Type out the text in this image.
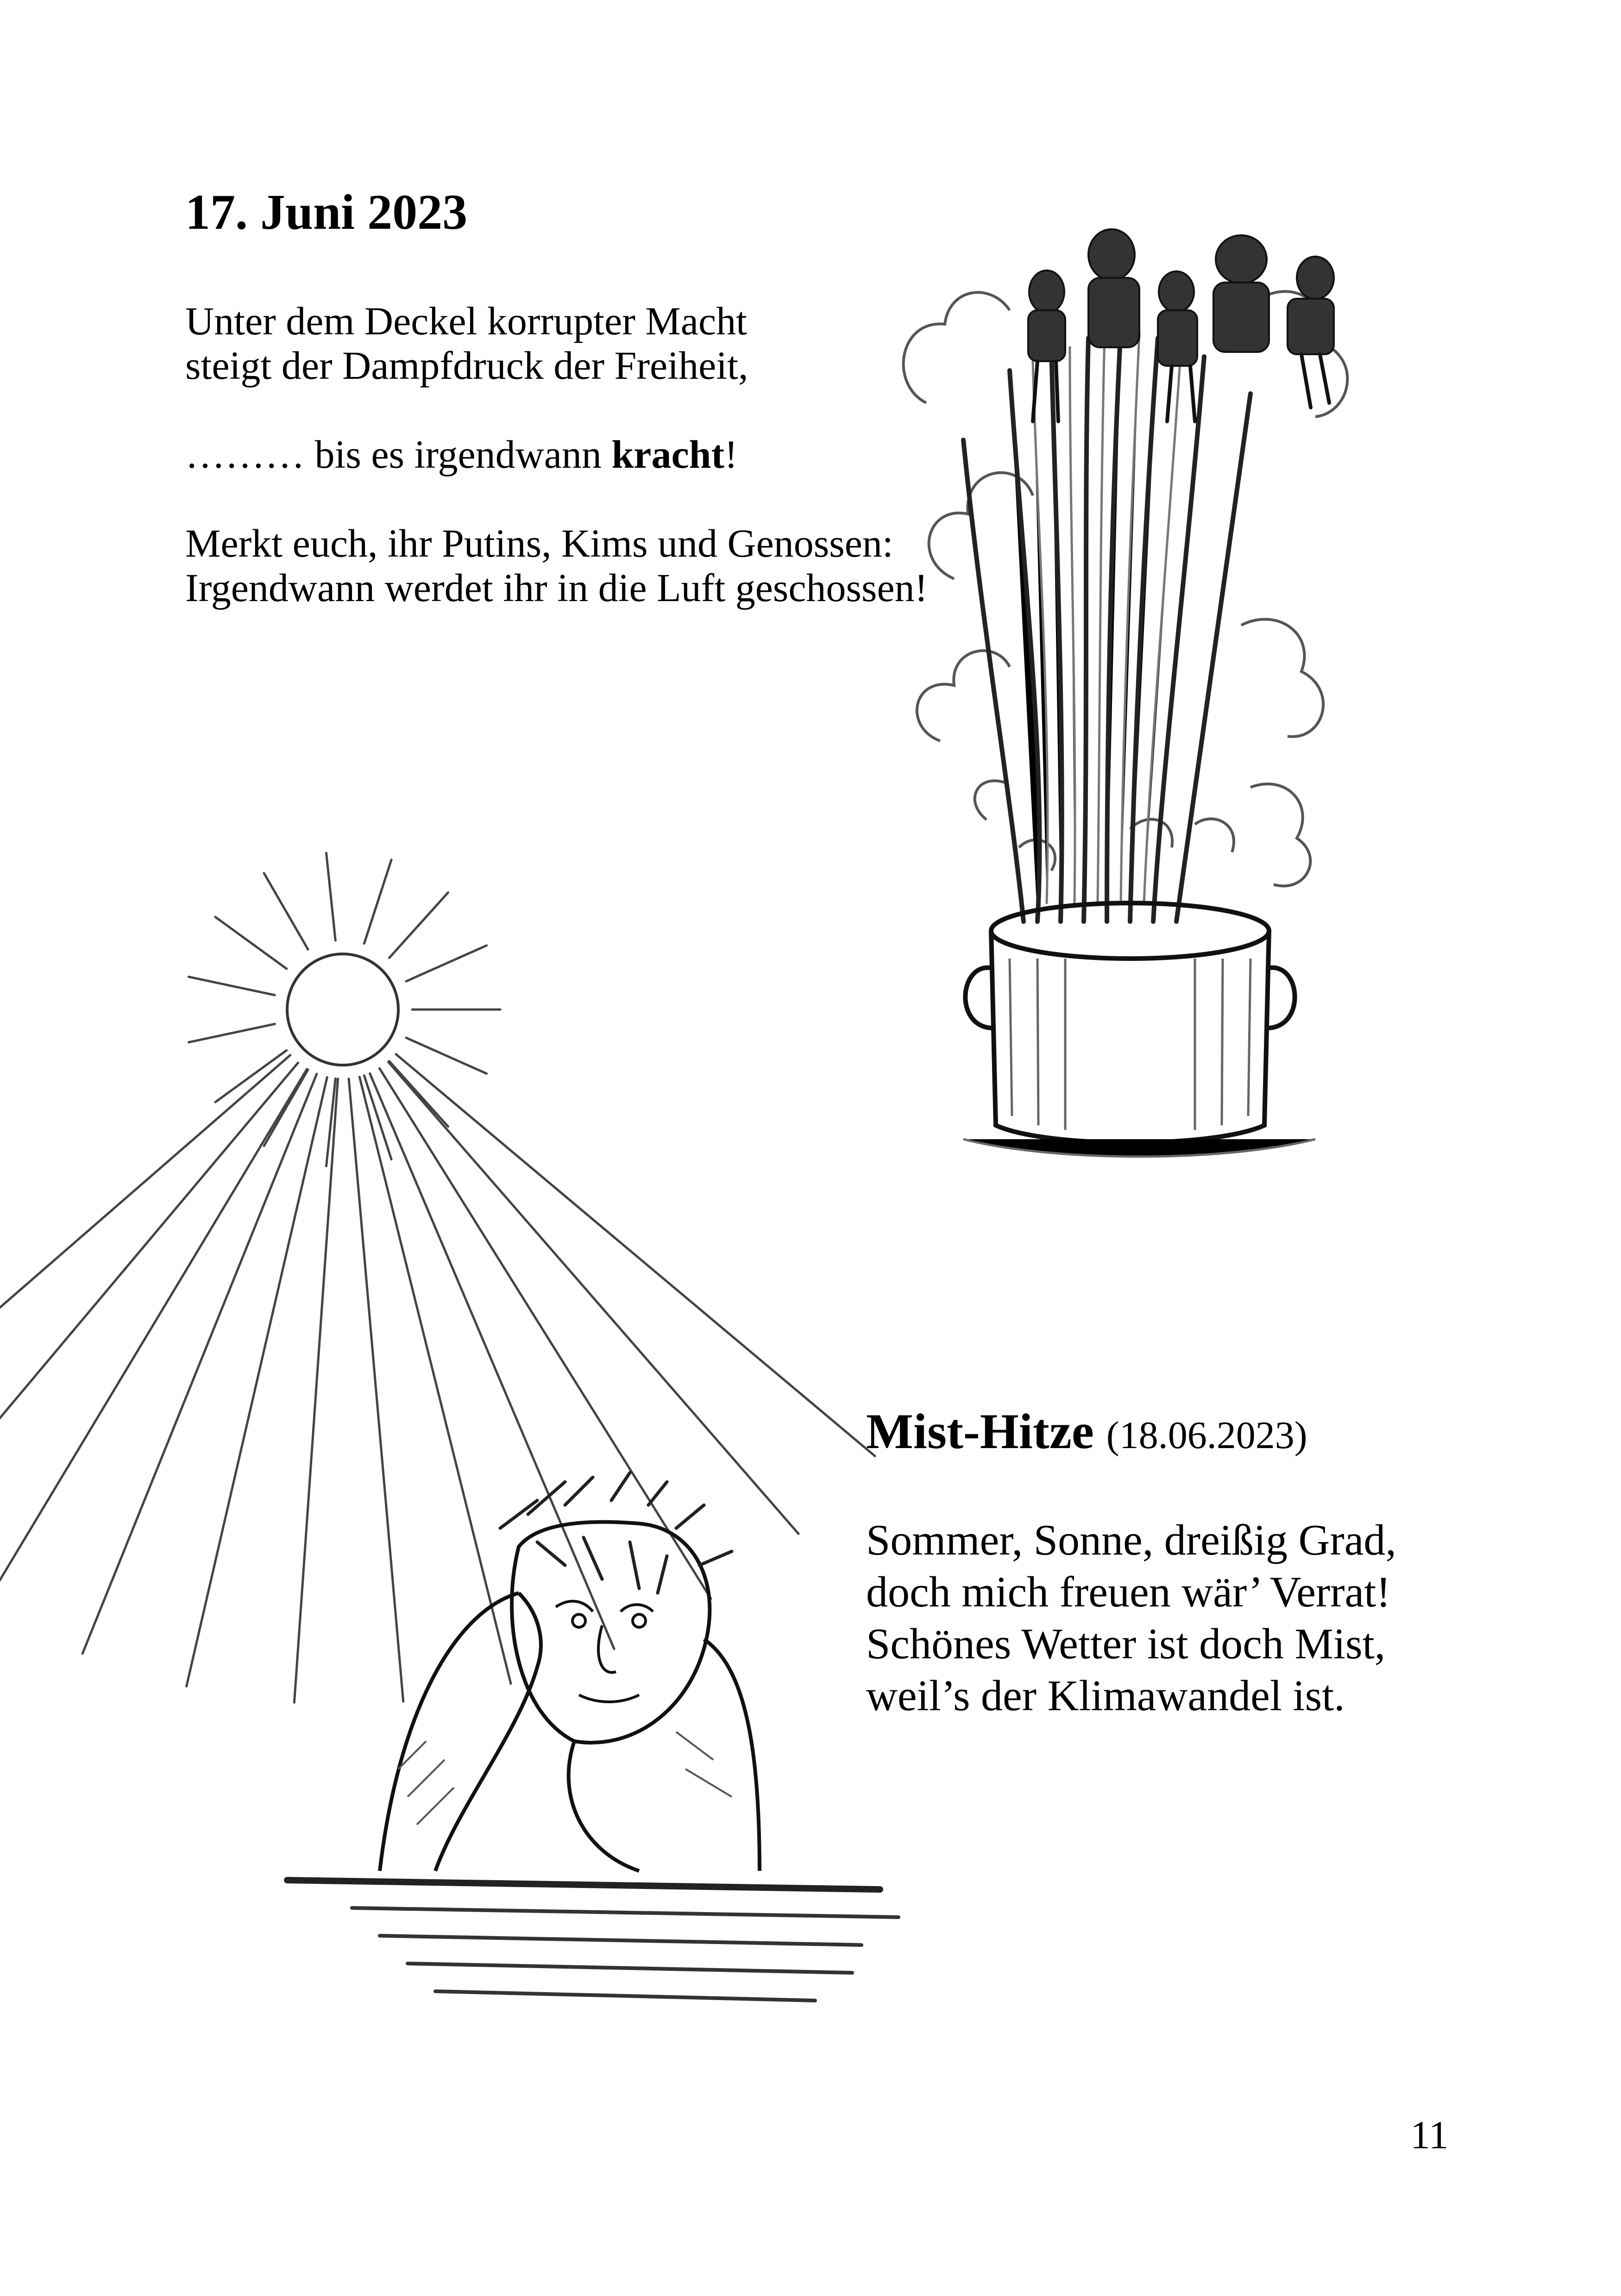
17. Juni 2023
Unter dem Deckel korrupter Macht
steigt der Dampfdruck der Freiheit,
……… bis es irgendwann kracht!
Merkt euch, ihr Putins, Kims und Genossen:
Irgendwann werdet ihr in die Luft geschossen!
Mist-Hitze (18.06.2023)
Sommer, Sonne, dreißig Grad,
doch mich freuen wär’ Verrat!
Schönes Wetter ist doch Mist,
weil’s der Klimawandel ist.
11
